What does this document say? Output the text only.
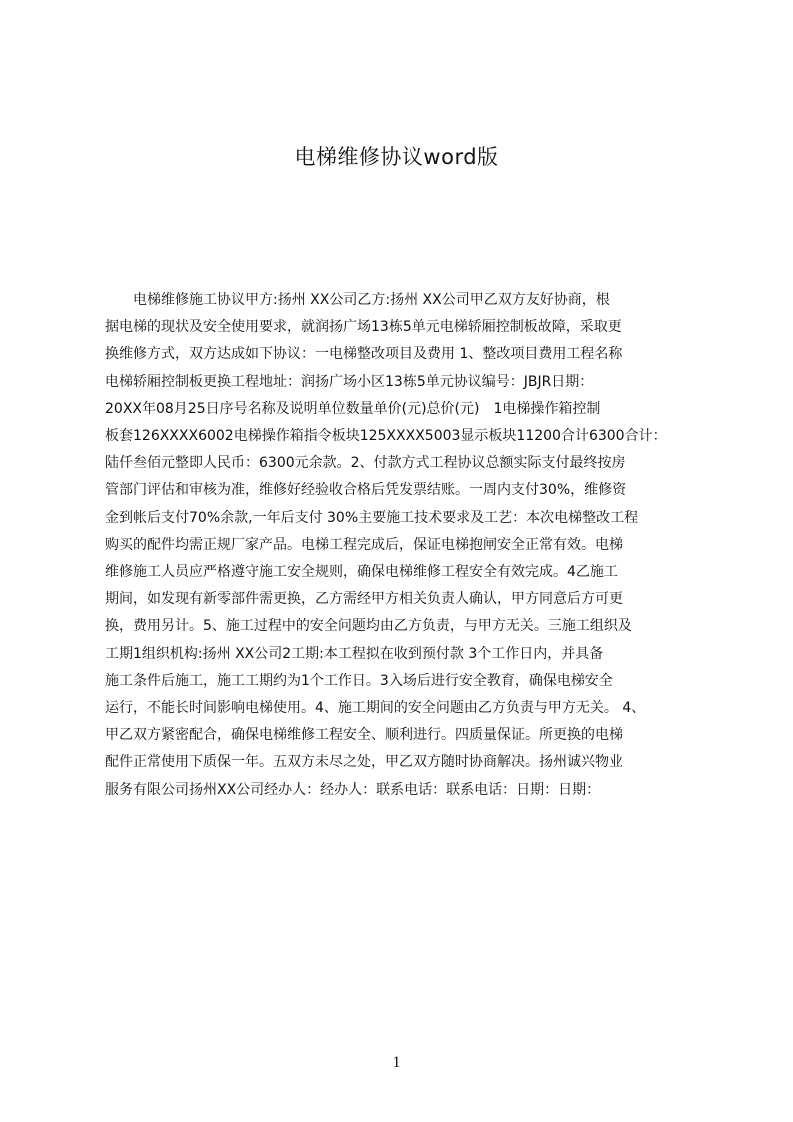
电梯维修协议word版
　　电梯维修施工协议甲方:扬州 XX公司乙方:扬州 XX公司甲乙双方友好协商，根
据电梯的现状及安全使用要求，就润扬广场13栋5单元电梯轿厢控制板故障，采取更
换维修方式，双方达成如下协议：一电梯整改项目及费用 1、整改项目费用工程名称
电梯轿厢控制板更换工程地址：润扬广场小区13栋5单元协议编号：JBJR日期：
20XX年08月25日序号名称及说明单位数量单价(元)总价(元)　1电梯操作箱控制
板套126XXXX6002电梯操作箱指令板块125XXXX5003显示板块11200合计6300合计：
陆仟叁佰元整即人民币：6300元余款。2、付款方式工程协议总额实际支付最终按房
管部门评估和审核为准，维修好经验收合格后凭发票结账。一周内支付30%，维修资
金到帐后支付70%余款,一年后支付 30%主要施工技术要求及工艺：本次电梯整改工程
购买的配件均需正规厂家产品。电梯工程完成后，保证电梯抱闸安全正常有效。电梯
维修施工人员应严格遵守施工安全规则，确保电梯维修工程安全有效完成。4乙施工
期间，如发现有新零部件需更换，乙方需经甲方相关负责人确认，甲方同意后方可更
换，费用另计。5、施工过程中的安全问题均由乙方负责，与甲方无关。三施工组织及
工期1组织机构:扬州 XX公司2工期:本工程拟在收到预付款 3个工作日内，并具备
施工条件后施工，施工工期约为1个工作日。3入场后进行安全教育，确保电梯安全
运行，不能长时间影响电梯使用。4、施工期间的安全问题由乙方负责与甲方无关。 4、
甲乙双方紧密配合，确保电梯维修工程安全、顺利进行。四质量保证。所更换的电梯
配件正常使用下质保一年。五双方未尽之处，甲乙双方随时协商解决。扬州诚兴物业
服务有限公司扬州XX公司经办人：经办人：联系电话：联系电话：日期：日期：
1
